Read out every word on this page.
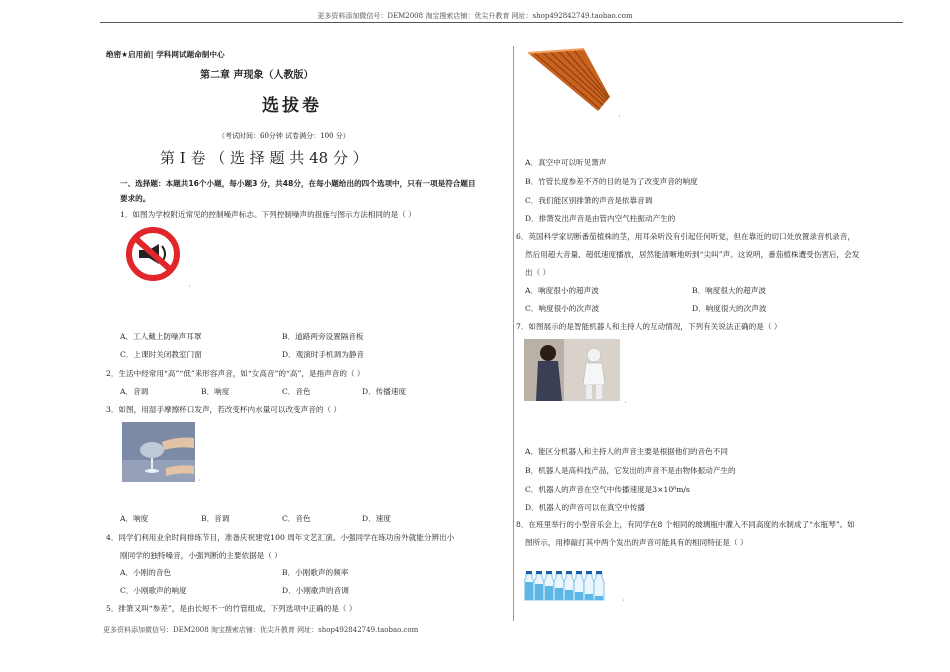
更多资料添加微信号：DEM2008 淘宝搜索店铺：优尖升教育 网址：shop492842749.taobao.com
绝密★启用前| 学科网试题命制中心
第二章 声现象（人教版）
选拔卷
（考试时间：60分钟 试卷满分：100 分）
第 Ⅰ 卷 （ 选 择 题 共 48 分 ）
一、选择题：本题共16个小题，每小题3 分，共48分，在每小题给出的四个选项中，只有一项是符合题目
要求的。
1．如图为学校附近常见的控制噪声标志。下列控制噪声的措施与图示方法相同的是（ ）
˛
A．工人戴上防噪声耳罩	B．道路两旁设置隔音板
C．上课时关闭教室门窗	D．观演时手机调为静音
2．生活中经常用“高”“低”来形容声音，如“女高音”的“高”，是指声音的（ ）
A．音调	B．响度	C．音色	D．传播速度
3．如图，用湿手摩擦杯口发声，若改变杯内水量可以改变声音的（ ）
˛
A．响度	B．音调	C．音色	D．速度
4．同学们利用业余时间排练节目，准备庆祝建党100 周年文艺汇演。小强同学在练功房外就能分辨出小
刚同学的独特嗓音，小强判断的主要依据是（ ）
A．小刚的音色	B．小刚歌声的频率
C．小刚歌声的响度	D．小刚歌声的音调
5．排箫又叫“参差”，是由长短不一的竹管组成，下列选项中正确的是（ ）
˛
A．真空中可以听见箫声
B．竹管长度参差不齐的目的是为了改变声音的响度
C．我们能区别排箫的声音是依靠音调
D．排箫发出声音是由管内空气柱振动产生的
6．英国科学家切断番茄植株的茎，用耳朵听没有引起任何听觉，但在靠近的切口处放置录音机录音，
然后用超大音量、超低速度播放，居然能清晰地听到“尖叫”声。这说明，番茄植株遭受伤害后，会发
出（ ）
A．响度很小的超声波	B．响度很大的超声波
C．响度很小的次声波	D．响度很大的次声波
7．如图展示的是智能机器人和主持人的互动情况，下列有关说法正确的是（ ）
˛
A．能区分机器人和主持人的声音主要是根据他们的音色不同
B．机器人是高科技产品，它发出的声音不是由物体振动产生的
C．机器人的声音在空气中传播速度是3×10⁸m/s
D．机器人的声音可以在真空中传播
8．在班里举行的小型音乐会上，有同学在8 个相同的玻璃瓶中灌入不同高度的水制成了“水瓶琴”。如
图所示，用棒敲打其中两个发出的声音可能具有的相同特征是（ ）
˛
更多资料添加微信号：DEM2008 淘宝搜索店铺：优尖升教育 网址：shop492842749.taobao.com
